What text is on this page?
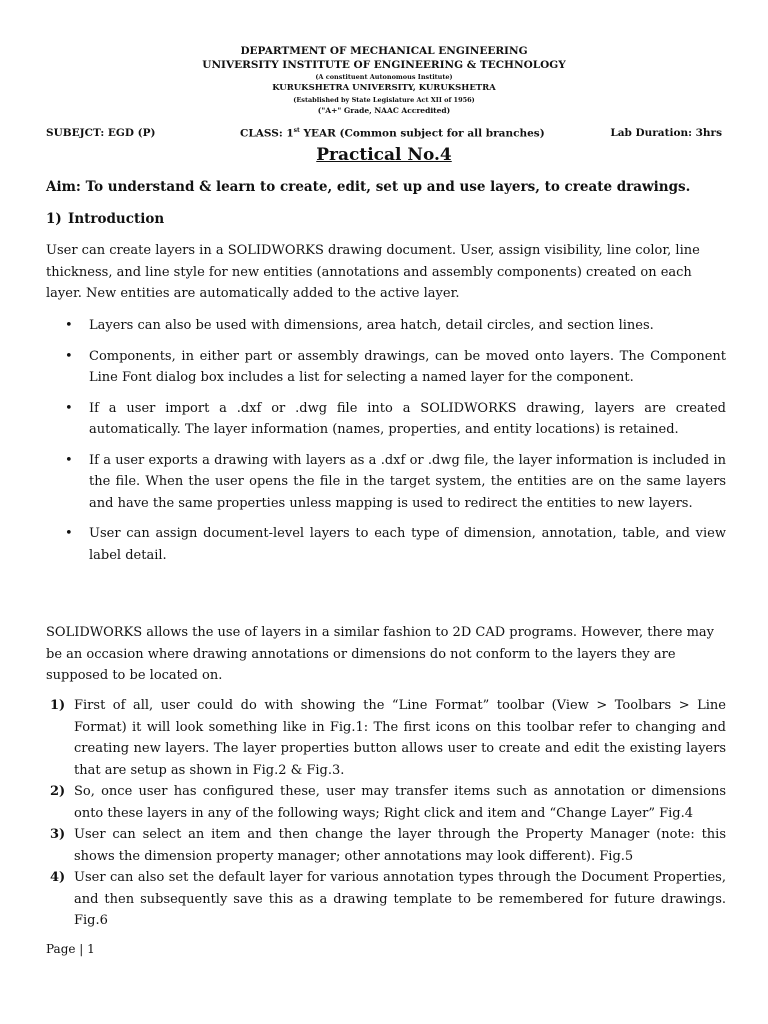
DEPARTMENT OF MECHANICAL ENGINEERING
UNIVERSITY INSTITUTE OF ENGINEERING & TECHNOLOGY
(A constituent Autonomous Institute)
KURUKSHETRA UNIVERSITY, KURUKSHETRA
(Established by State Legislature Act XII of 1956)
("A+" Grade, NAAC Accredited)
SUBEJCT: EGD (P)	CLASS: 1st YEAR (Common subject for all branches)	Lab Duration: 3hrs
Practical No.4
Aim: To understand & learn to create, edit, set up and use layers, to create drawings.
1) Introduction

User can create layers in a SOLIDWORKS drawing document. User, assign visibility, line color, line thickness, and line style for new entities (annotations and assembly components) created on each layer. New entities are automatically added to the active layer.

• Layers can also be used with dimensions, area hatch, detail circles, and section lines.
• Components, in either part or assembly drawings, can be moved onto layers. The Component Line Font dialog box includes a list for selecting a named layer for the component.
• If a user import a .dxf or .dwg file into a SOLIDWORKS drawing, layers are created automatically. The layer information (names, properties, and entity locations) is retained.
• If a user exports a drawing with layers as a .dxf or .dwg file, the layer information is included in the file. When the user opens the file in the target system, the entities are on the same layers and have the same properties unless mapping is used to redirect the entities to new layers.
• User can assign document-level layers to each type of dimension, annotation, table, and view label detail.

SOLIDWORKS allows the use of layers in a similar fashion to 2D CAD programs. However, there may be an occasion where drawing annotations or dimensions do not conform to the layers they are supposed to be located on.

1) First of all, user could do with showing the “Line Format” toolbar (View > Toolbars > Line Format) it will look something like in Fig.1: The first icons on this toolbar refer to changing and creating new layers. The layer properties button allows user to create and edit the existing layers that are setup as shown in Fig.2 & Fig.3.
2) So, once user has configured these, user may transfer items such as annotation or dimensions onto these layers in any of the following ways; Right click and item and “Change Layer” Fig.4
3) User can select an item and then change the layer through the Property Manager (note: this shows the dimension property manager; other annotations may look different). Fig.5
4) User can also set the default layer for various annotation types through the Document Properties, and then subsequently save this as a drawing template to be remembered for future drawings. Fig.6
Page | 1
